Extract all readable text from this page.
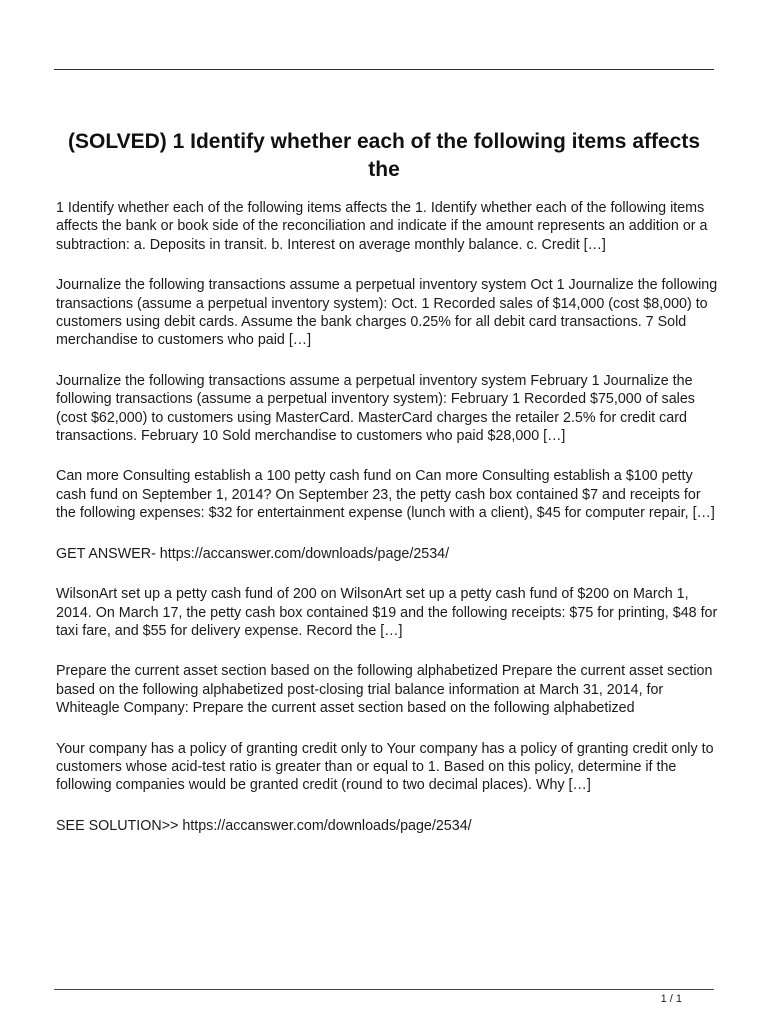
(SOLVED) 1 Identify whether each of the following items affects the

1 Identify whether each of the following items affects the 1. Identify whether each of the following items affects the bank or book side of the reconciliation and indicate if the amount represents an addition or a subtraction: a. Deposits in transit. b. Interest on average monthly balance. c. Credit […]

Journalize the following transactions assume a perpetual inventory system Oct 1 Journalize the following transactions (assume a perpetual inventory system): Oct. 1 Recorded sales of $14,000 (cost $8,000) to customers using debit cards. Assume the bank charges 0.25% for all debit card transactions. 7 Sold merchandise to customers who paid […]

Journalize the following transactions assume a perpetual inventory system February 1 Journalize the following transactions (assume a perpetual inventory system): February 1 Recorded $75,000 of sales (cost $62,000) to customers using MasterCard. MasterCard charges the retailer 2.5% for credit card transactions. February 10 Sold merchandise to customers who paid $28,000 […]

Can more Consulting establish a 100 petty cash fund on Can more Consulting establish a $100 petty cash fund on September 1, 2014? On September 23, the petty cash box contained $7 and receipts for the following expenses: $32 for entertainment expense (lunch with a client), $45 for computer repair, […]

GET ANSWER- https://accanswer.com/downloads/page/2534/

WilsonArt set up a petty cash fund of 200 on WilsonArt set up a petty cash fund of $200 on March 1, 2014. On March 17, the petty cash box contained $19 and the following receipts: $75 for printing, $48 for taxi fare, and $55 for delivery expense. Record the […]

Prepare the current asset section based on the following alphabetized Prepare the current asset section based on the following alphabetized post-closing trial balance information at March 31, 2014, for Whiteagle Company: Prepare the current asset section based on the following alphabetized

Your company has a policy of granting credit only to Your company has a policy of granting credit only to customers whose acid-test ratio is greater than or equal to 1. Based on this policy, determine if the following companies would be granted credit (round to two decimal places). Why […]

SEE SOLUTION>> https://accanswer.com/downloads/page/2534/

1 / 1
